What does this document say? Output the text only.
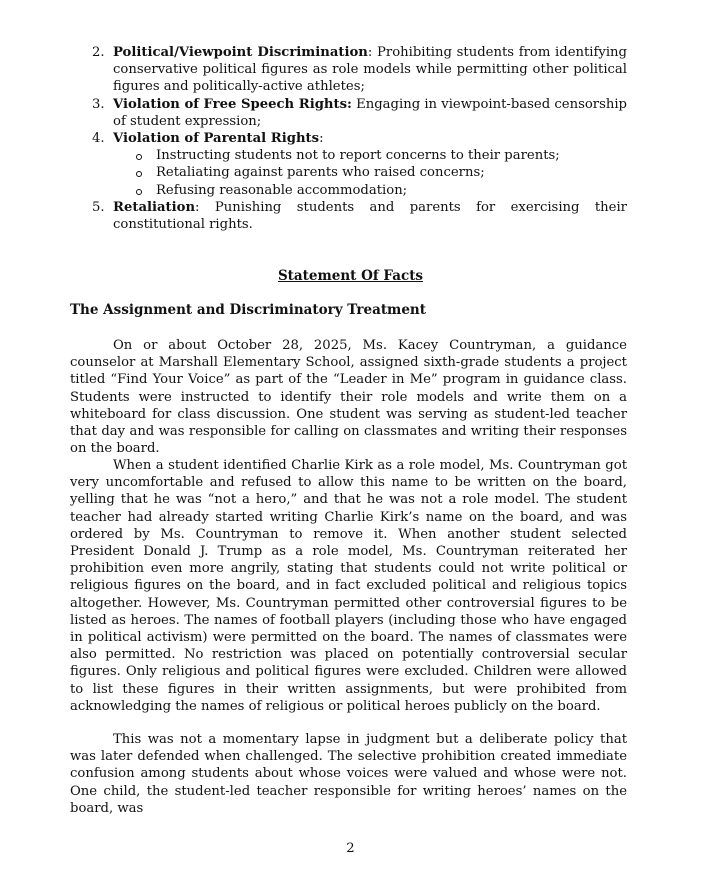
2. Political/Viewpoint Discrimination: Prohibiting students from identifying conservative political figures as role models while permitting other political figures and politically-active athletes;
3. Violation of Free Speech Rights: Engaging in viewpoint-based censorship of student expression;
4. Violation of Parental Rights:
Instructing students not to report concerns to their parents;
Retaliating against parents who raised concerns;
Refusing reasonable accommodation;
5. Retaliation: Punishing students and parents for exercising their constitutional rights.
Statement Of Facts
The Assignment and Discriminatory Treatment

On or about October 28, 2025, Ms. Kacey Countryman, a guidance counselor at Marshall Elementary School, assigned sixth-grade students a project titled “Find Your Voice” as part of the “Leader in Me” program in guidance class. Students were instructed to identify their role models and write them on a whiteboard for class discussion. One student was serving as student-led teacher that day and was responsible for calling on classmates and writing their responses on the board.

When a student identified Charlie Kirk as a role model, Ms. Countryman got very uncomfortable and refused to allow this name to be written on the board, yelling that he was “not a hero,” and that he was not a role model. The student teacher had already started writing Charlie Kirk’s name on the board, and was ordered by Ms. Countryman to remove it. When another student selected President Donald J. Trump as a role model, Ms. Countryman reiterated her prohibition even more angrily, stating that students could not write political or religious figures on the board, and in fact excluded political and religious topics altogether. However, Ms. Countryman permitted other controversial figures to be listed as heroes. The names of football players (including those who have engaged in political activism) were permitted on the board. The names of classmates were also permitted. No restriction was placed on potentially controversial secular figures. Only religious and political figures were excluded. Children were allowed to list these figures in their written assignments, but were prohibited from acknowledging the names of religious or political heroes publicly on the board.

This was not a momentary lapse in judgment but a deliberate policy that was later defended when challenged. The selective prohibition created immediate confusion among students about whose voices were valued and whose were not. One child, the student-led teacher responsible for writing heroes’ names on the board, was

2
